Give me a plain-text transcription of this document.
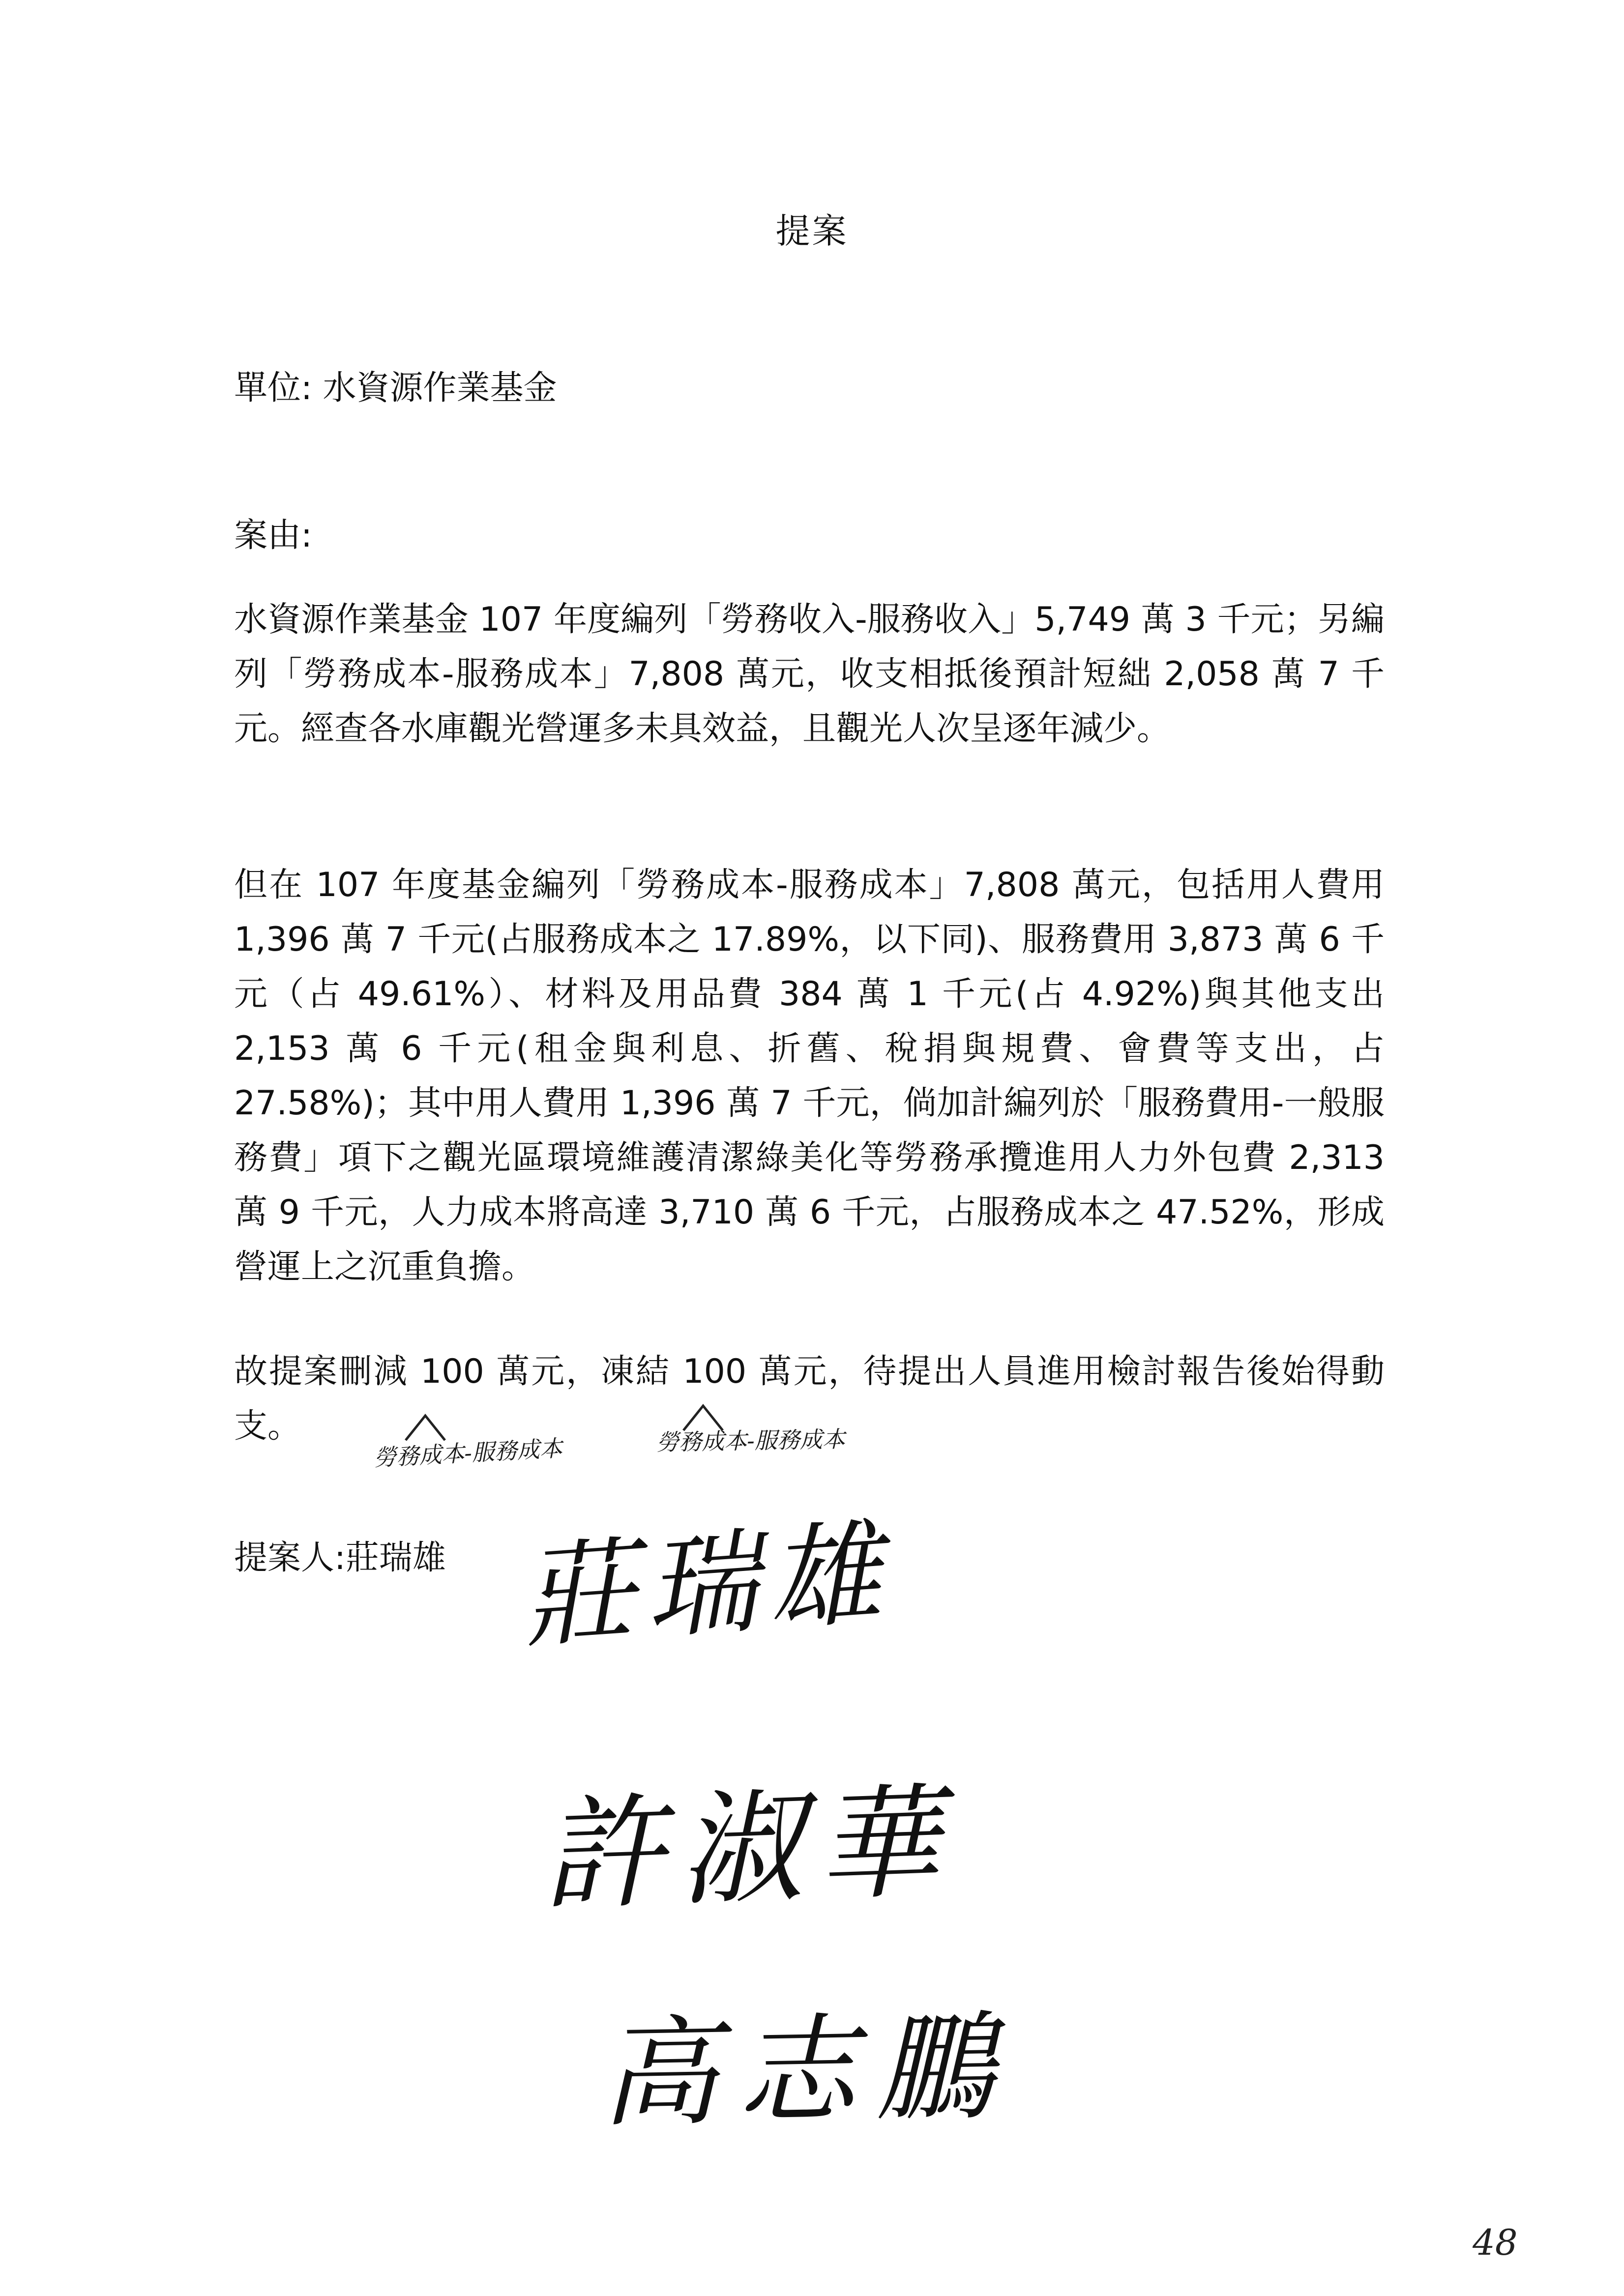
提案
單位: 水資源作業基金
案由:

水資源作業基金 107 年度編列「勞務收入-服務收入」5,749 萬 3 千元；另編列「勞務成本-服務成本」7,808 萬元，收支相抵後預計短絀 2,058 萬 7 千元。經查各水庫觀光營運多未具效益，且觀光人次呈逐年減少。

但在 107 年度基金編列「勞務成本-服務成本」7,808 萬元，包括用人費用 1,396 萬 7 千元(占服務成本之 17.89%，以下同)、服務費用 3,873 萬 6 千元（占 49.61%）、材料及用品費 384 萬 1 千元(占 4.92%)與其他支出 2,153 萬 6 千元(租金與利息、折舊、稅捐與規費、會費等支出，占 27.58%)；其中用人費用 1,396 萬 7 千元，倘加計編列於「服務費用-一般服務費」項下之觀光區環境維護清潔綠美化等勞務承攬進用人力外包費 2,313 萬 9 千元，人力成本將高達 3,710 萬 6 千元，占服務成本之 47.52%，形成營運上之沉重負擔。

故提案刪減 100 萬元，凍結 100 萬元，待提出人員進用檢討報告後始得動支。

勞務成本-服務成本	勞務成本-服務成本
提案人:莊瑞雄 莊瑞雄
許淑華
高志鵬
48
